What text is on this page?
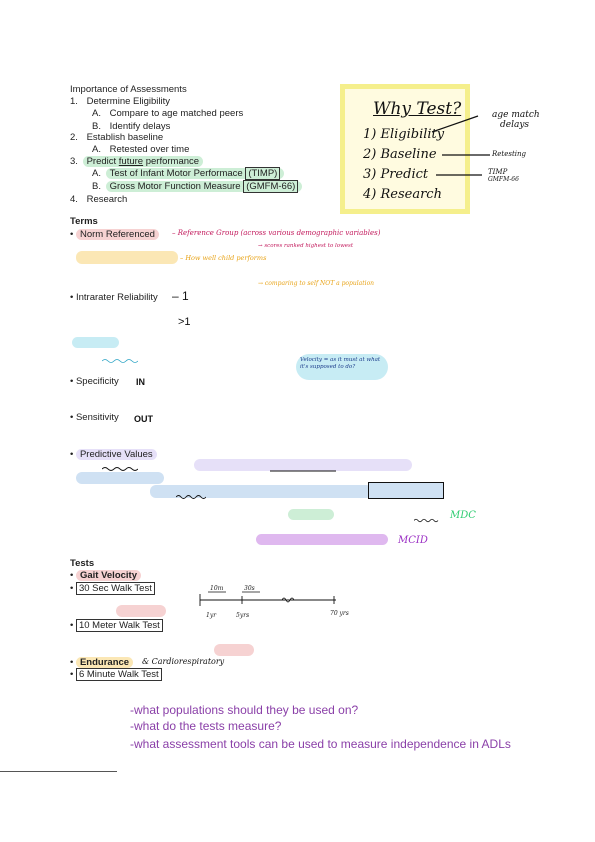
Importance of Assessments
1. Determine Eligibility
A. Compare to age matched peers
B. Identify delays
2. Establish baseline
A. Retested over time
3. Predict future performance
A. Test of Infant Motor Performace (TIMP)
B. Gross Motor Function Measure (GMFM-66)
4. Research
Why Test?
1) Eligibility
2) Baseline
3) Predict
4) Research
age match
delays
Retesting
TIMP
GMFM-66
Terms
• Norm Referenced	– Reference Group (across various demographic variables)
→ scores ranked highest to lowest
– How well child performs
→ comparing to self NOT a population
• Intrarater Reliability – 1
>1
Velocity = as it must at what it's supposed to do?
• Specificity IN
• Sensitivity OUT
• Predictive Values
MDC
MCID
Tests
• Gait Velocity
• 30 Sec Walk Test
• 10 Meter Walk Test
10m	30s
1yr	5yrs	70 yrs
• Endurance	& Cardiorespiratory
• 6 Minute Walk Test
-what populations should they be used on?
-what do the tests measure?
-what assessment tools can be used to measure independence in ADLs
